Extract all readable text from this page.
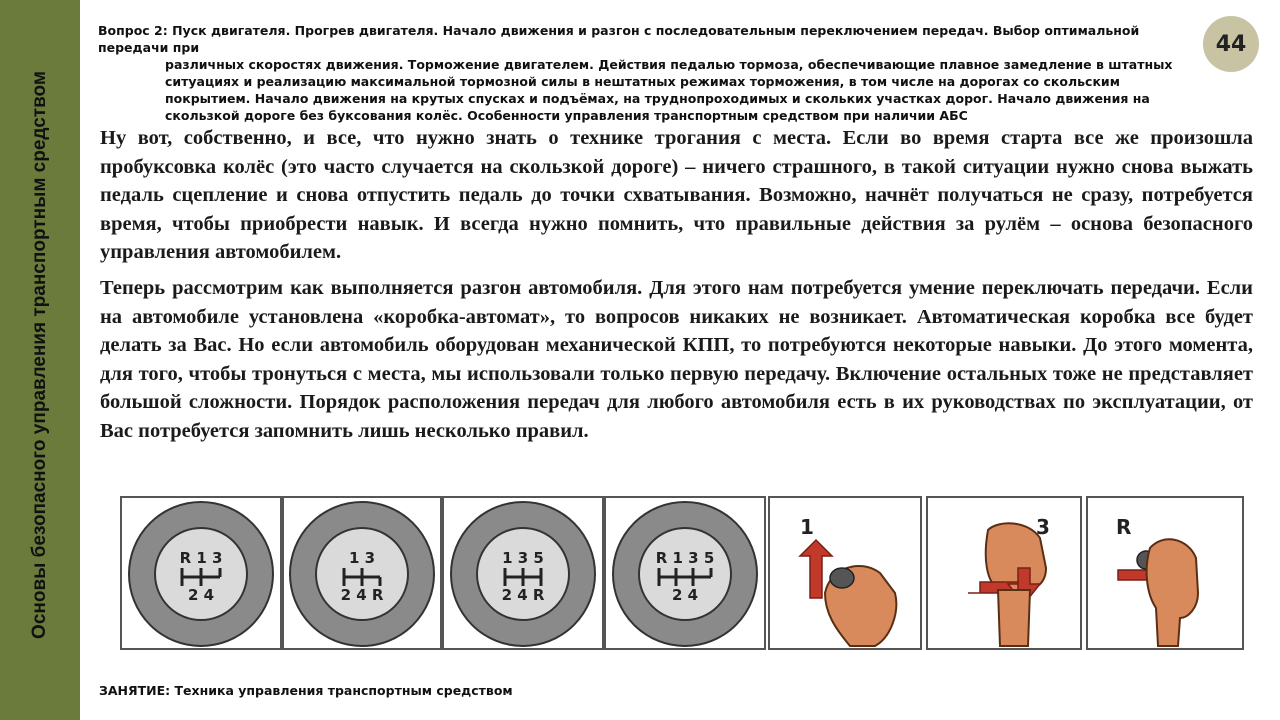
Основы безопасного управления транспортным средством
Вопрос 2: Пуск двигателя. Прогрев двигателя. Начало движения и разгон с последовательным переключением передач. Выбор оптимальной передачи при
различных скоростях движения. Торможение двигателем. Действия педалью тормоза, обеспечивающие плавное замедление в штатных ситуациях и реализацию максимальной тормозной силы в нештатных режимах торможения, в том числе на дорогах со скольским покрытием. Начало движения на крутых спусках и подъёмах, на труднопроходимых и скольких участках дорог. Начало движения на скользкой дороге без буксования колёс. Особенности управления транспортным средством при наличии АБС
44

Ну вот, собственно, и все, что нужно знать о технике трогания с места. Если во время старта все же произошла пробуксовка колёс (это часто случается на скользкой дороге) – ничего страшного, в такой ситуации нужно снова выжать педаль сцепление и снова отпустить педаль до точки схватывания. Возможно, начнёт получаться не сразу, потребуется время, чтобы приобрести навык. И всегда нужно помнить, что правильные действия за рулём – основа безопасного управления автомобилем.

Теперь рассмотрим как выполняется разгон автомобиля. Для этого нам потребуется умение переключать передачи. Если на автомобиле установлена «коробка-автомат», то вопросов никаких не возникает. Автоматическая коробка все будет делать за Вас. Но если автомобиль оборудован механической КПП, то потребуются некоторые навыки. До этого момента, для того, чтобы тронуться с места, мы использовали только первую передачу. Включение остальных тоже не представляет большой сложности. Порядок расположения передач для любого автомобиля есть в их руководствах по эксплуатации, от Вас потребуется запомнить лишь несколько правил.

R 1 3
2 4
1 3
2 4 R
1 3 5
2 4 R
R 1 3 5
2 4
1	3	R
ЗАНЯТИЕ: Техника управления транспортным средством
